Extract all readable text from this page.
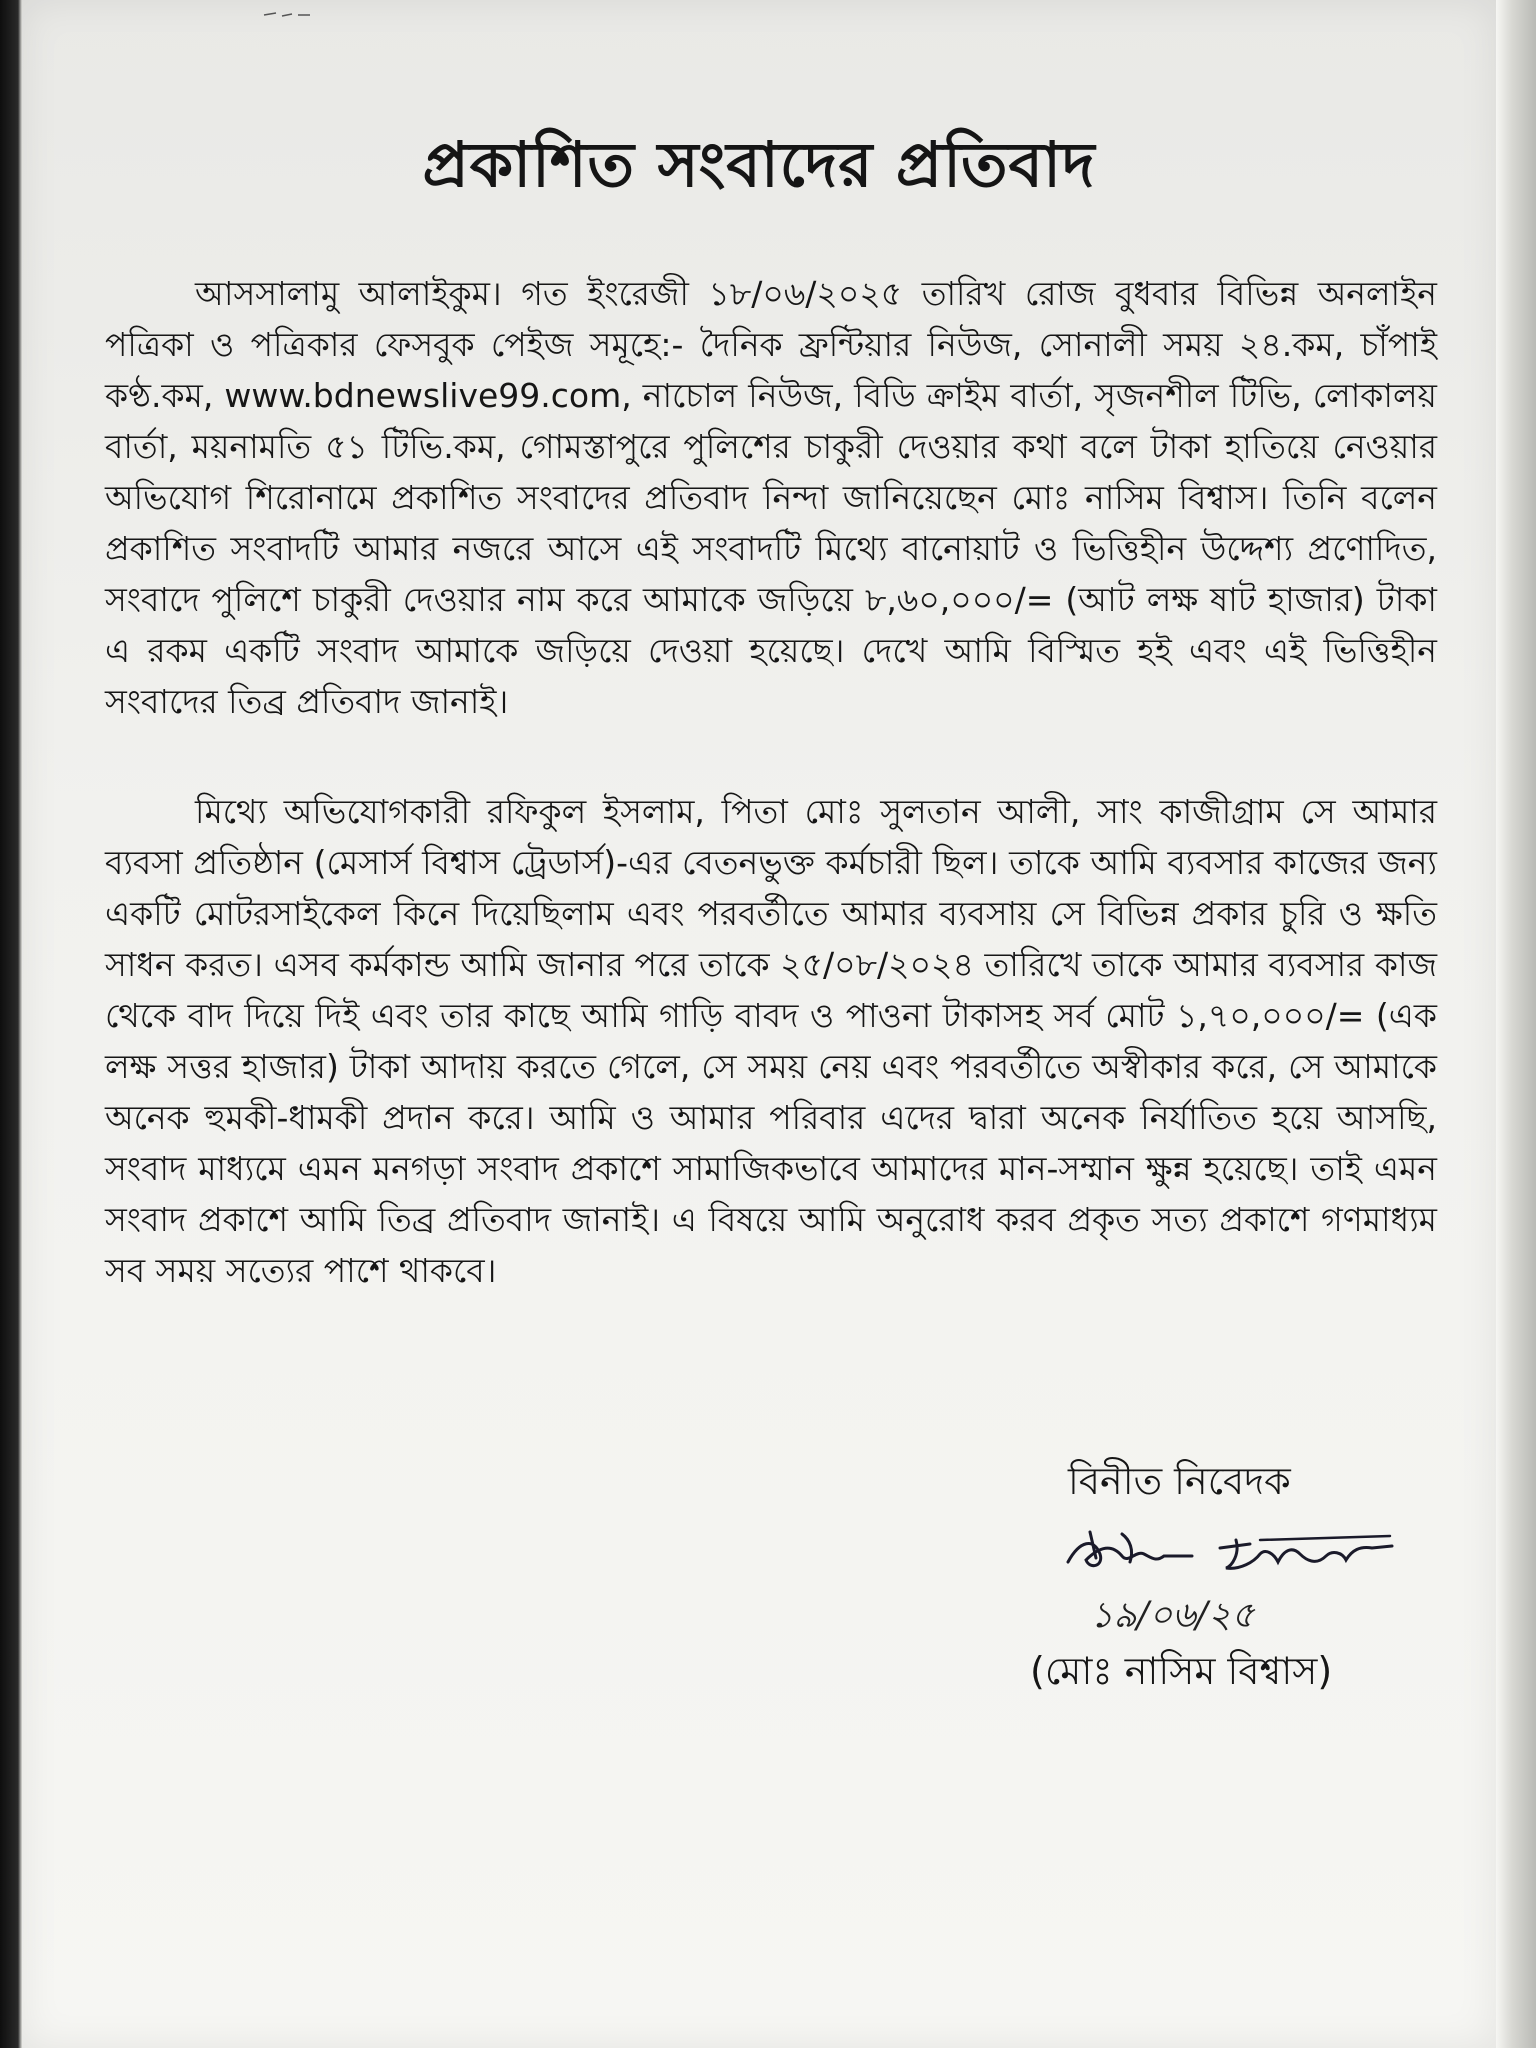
প্রকাশিত সংবাদের প্রতিবাদ

আসসালামু আলাইকুম। গত ইংরেজী ১৮/০৬/২০২৫ তারিখ রোজ বুধবার বিভিন্ন অনলাইন পত্রিকা ও পত্রিকার ফেসবুক পেইজ সমূহে:- দৈনিক ফ্রন্টিয়ার নিউজ, সোনালী সময় ২৪.কম, চাঁপাই কণ্ঠ.কম, www.bdnewslive99.com, নাচোল নিউজ, বিডি ক্রাইম বার্তা, সৃজনশীল টিভি, লোকালয় বার্তা, ময়নামতি ৫১ টিভি.কম, গোমস্তাপুরে পুলিশের চাকুরী দেওয়ার কথা বলে টাকা হাতিয়ে নেওয়ার অভিযোগ শিরোনামে প্রকাশিত সংবাদের প্রতিবাদ নিন্দা জানিয়েছেন মোঃ নাসিম বিশ্বাস। তিনি বলেন প্রকাশিত সংবাদটি আমার নজরে আসে এই সংবাদটি মিথ্যে বানোয়াট ও ভিত্তিহীন উদ্দেশ্য প্রণোদিত, সংবাদে পুলিশে চাকুরী দেওয়ার নাম করে আমাকে জড়িয়ে ৮,৬০,০০০/= (আট লক্ষ ষাট হাজার) টাকা এ রকম একটি সংবাদ আমাকে জড়িয়ে দেওয়া হয়েছে। দেখে আমি বিস্মিত হই এবং এই ভিত্তিহীন সংবাদের তিব্র প্রতিবাদ জানাই।

মিথ্যে অভিযোগকারী রফিকুল ইসলাম, পিতা মোঃ সুলতান আলী, সাং কাজীগ্রাম সে আমার ব্যবসা প্রতিষ্ঠান (মেসার্স বিশ্বাস ট্রেডার্স)-এর বেতনভুক্ত কর্মচারী ছিল। তাকে আমি ব্যবসার কাজের জন্য একটি মোটরসাইকেল কিনে দিয়েছিলাম এবং পরবর্তীতে আমার ব্যবসায় সে বিভিন্ন প্রকার চুরি ও ক্ষতি সাধন করত। এসব কর্মকান্ড আমি জানার পরে তাকে ২৫/০৮/২০২৪ তারিখে তাকে আমার ব্যবসার কাজ থেকে বাদ দিয়ে দিই এবং তার কাছে আমি গাড়ি বাবদ ও পাওনা টাকাসহ সর্ব মোট ১,৭০,০০০/= (এক লক্ষ সত্তর হাজার) টাকা আদায় করতে গেলে, সে সময় নেয় এবং পরবর্তীতে অস্বীকার করে, সে আমাকে অনেক হুমকী-ধামকী প্রদান করে। আমি ও আমার পরিবার এদের দ্বারা অনেক নির্যাতিত হয়ে আসছি, সংবাদ মাধ্যমে এমন মনগড়া সংবাদ প্রকাশে সামাজিকভাবে আমাদের মান-সম্মান ক্ষুন্ন হয়েছে। তাই এমন সংবাদ প্রকাশে আমি তিব্র প্রতিবাদ জানাই। এ বিষয়ে আমি অনুরোধ করব প্রকৃত সত্য প্রকাশে গণমাধ্যম সব সময় সত্যের পাশে থাকবে।

বিনীত নিবেদক

১৯/০৬/২৫

(মোঃ নাসিম বিশ্বাস)
